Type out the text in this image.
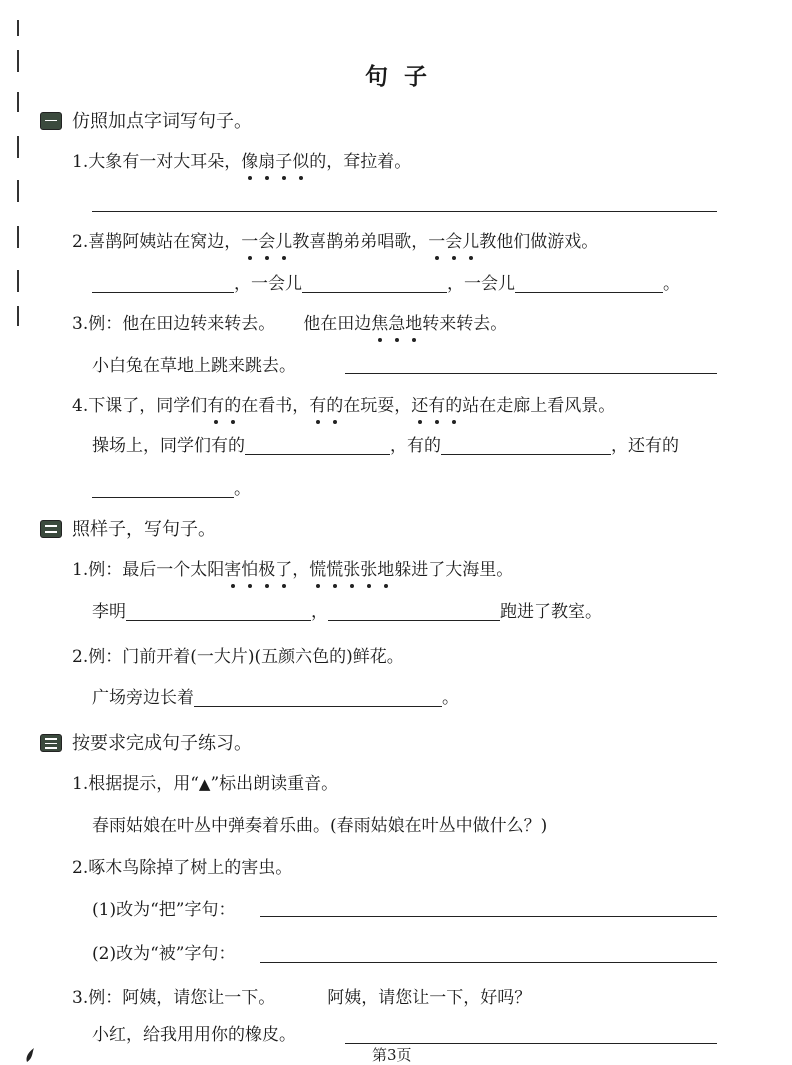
句子
仿照加点字词写句子。
1.大象有一对大耳朵，像扇子似的，耷拉着。
2.喜鹊阿姨站在窝边，一会儿教喜鹊弟弟唱歌，一会儿教他们做游戏。
，一会儿	，一会儿	。
3.例：他在田边转来转去。 他在田边焦急地转来转去。
小白兔在草地上跳来跳去。
4.下课了，同学们有的在看书，有的在玩耍，还有的站在走廊上看风景。
操场上，同学们有的	，有的	，还有的
。
照样子，写句子。
1.例：最后一个太阳害怕极了，慌慌张张地躲进了大海里。
李明	，	跑进了教室。
2.例：门前开着(一大片)(五颜六色的)鲜花。
广场旁边长着	。
按要求完成句子练习。
1.根据提示，用“▲”标出朗读重音。
春雨姑娘在叶丛中弹奏着乐曲。(春雨姑娘在叶丛中做什么？)
2.啄木鸟除掉了树上的害虫。
(1)改为“把”字句：
(2)改为“被”字句：
3.例：阿姨，请您让一下。	阿姨，请您让一下，好吗？
小红，给我用用你的橡皮。
第3页
